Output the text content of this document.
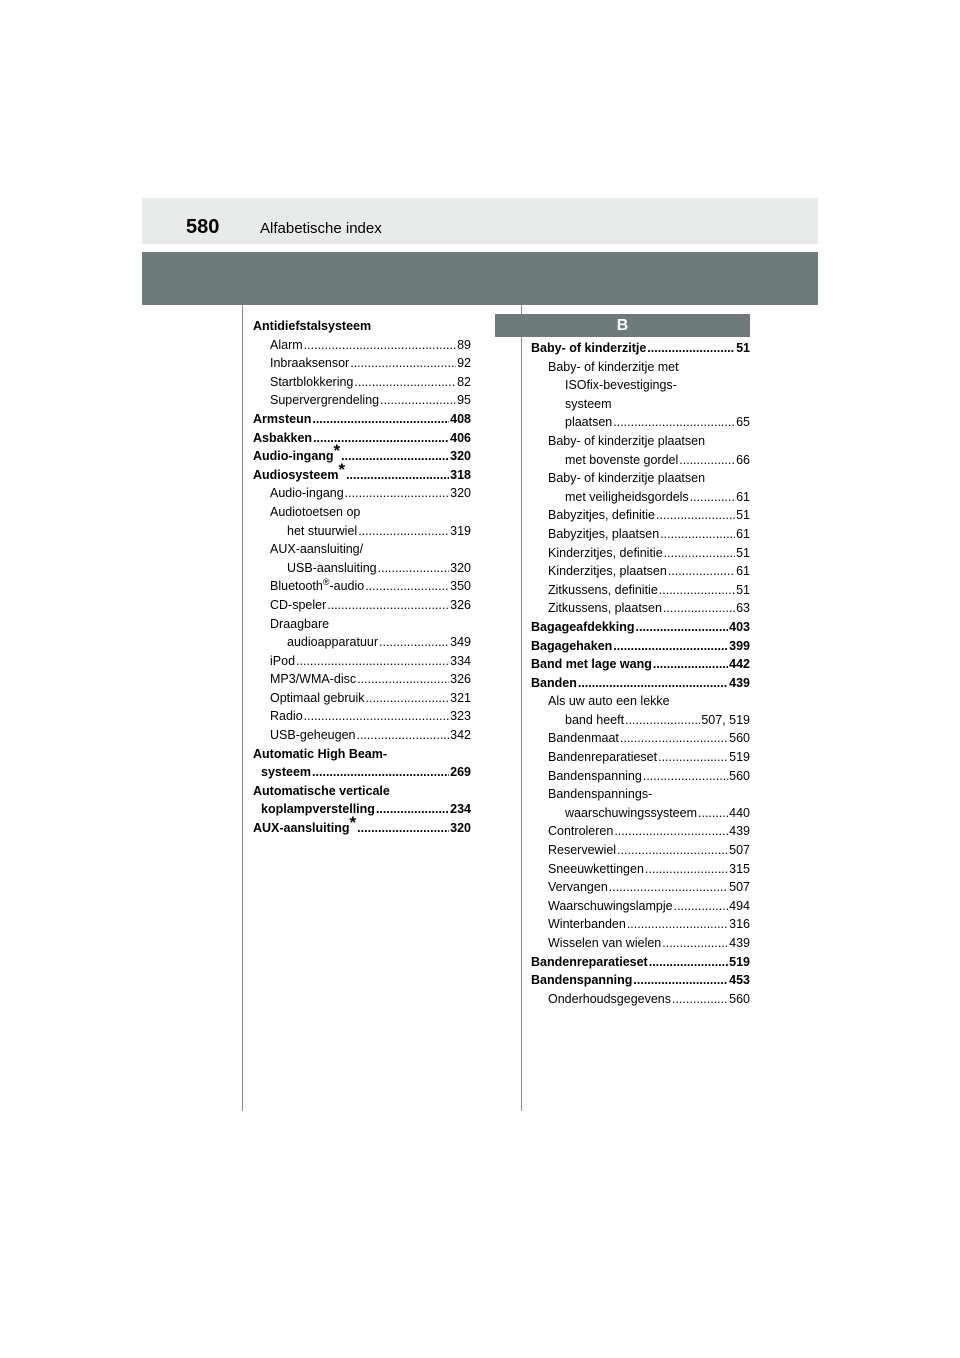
580	Alfabetische index
B
Antidiefstalsysteem
Alarm .....	89
Inbraaksensor .....	92
Startblokkering .....	82
Supervergrendeling .....	95
Armsteun .....	408
Asbakken .....	406
Audio-ingang* .....	320
Audiosysteem* .....	318
Audio-ingang .....	320
Audiotoetsen op
het stuurwiel .....	319
AUX-aansluiting/
USB-aansluiting .....	320
Bluetooth®-audio .....	350
CD-speler .....	326
Draagbare
audioapparatuur .....	349
iPod .....	334
MP3/WMA-disc .....	326
Optimaal gebruik .....	321
Radio .....	323
USB-geheugen .....	342
Automatic High Beam-
systeem .....	269
Automatische verticale
koplampverstelling .....	234
AUX-aansluiting* .....	320
Baby- of kinderzitje .....	51
Baby- of kinderzitje met
ISOfix-bevestigings-
systeem
plaatsen .....	65
Baby- of kinderzitje plaatsen
met bovenste gordel .....	66
Baby- of kinderzitje plaatsen
met veiligheidsgordels .....	61
Babyzitjes, definitie .....	51
Babyzitjes, plaatsen .....	61
Kinderzitjes, definitie .....	51
Kinderzitjes, plaatsen .....	61
Zitkussens, definitie .....	51
Zitkussens, plaatsen .....	63
Bagageafdekking .....	403
Bagagehaken .....	399
Band met lage wang .....	442
Banden .....	439
Als uw auto een lekke
band heeft .....	507, 519
Bandenmaat .....	560
Bandenreparatieset .....	519
Bandenspanning .....	560
Bandenspannings-
waarschuwingssysteem .....	440
Controleren .....	439
Reservewiel .....	507
Sneeuwkettingen .....	315
Vervangen .....	507
Waarschuwingslampje .....	494
Winterbanden .....	316
Wisselen van wielen .....	439
Bandenreparatieset .....	519
Bandenspanning .....	453
Onderhoudsgegevens .....	560
